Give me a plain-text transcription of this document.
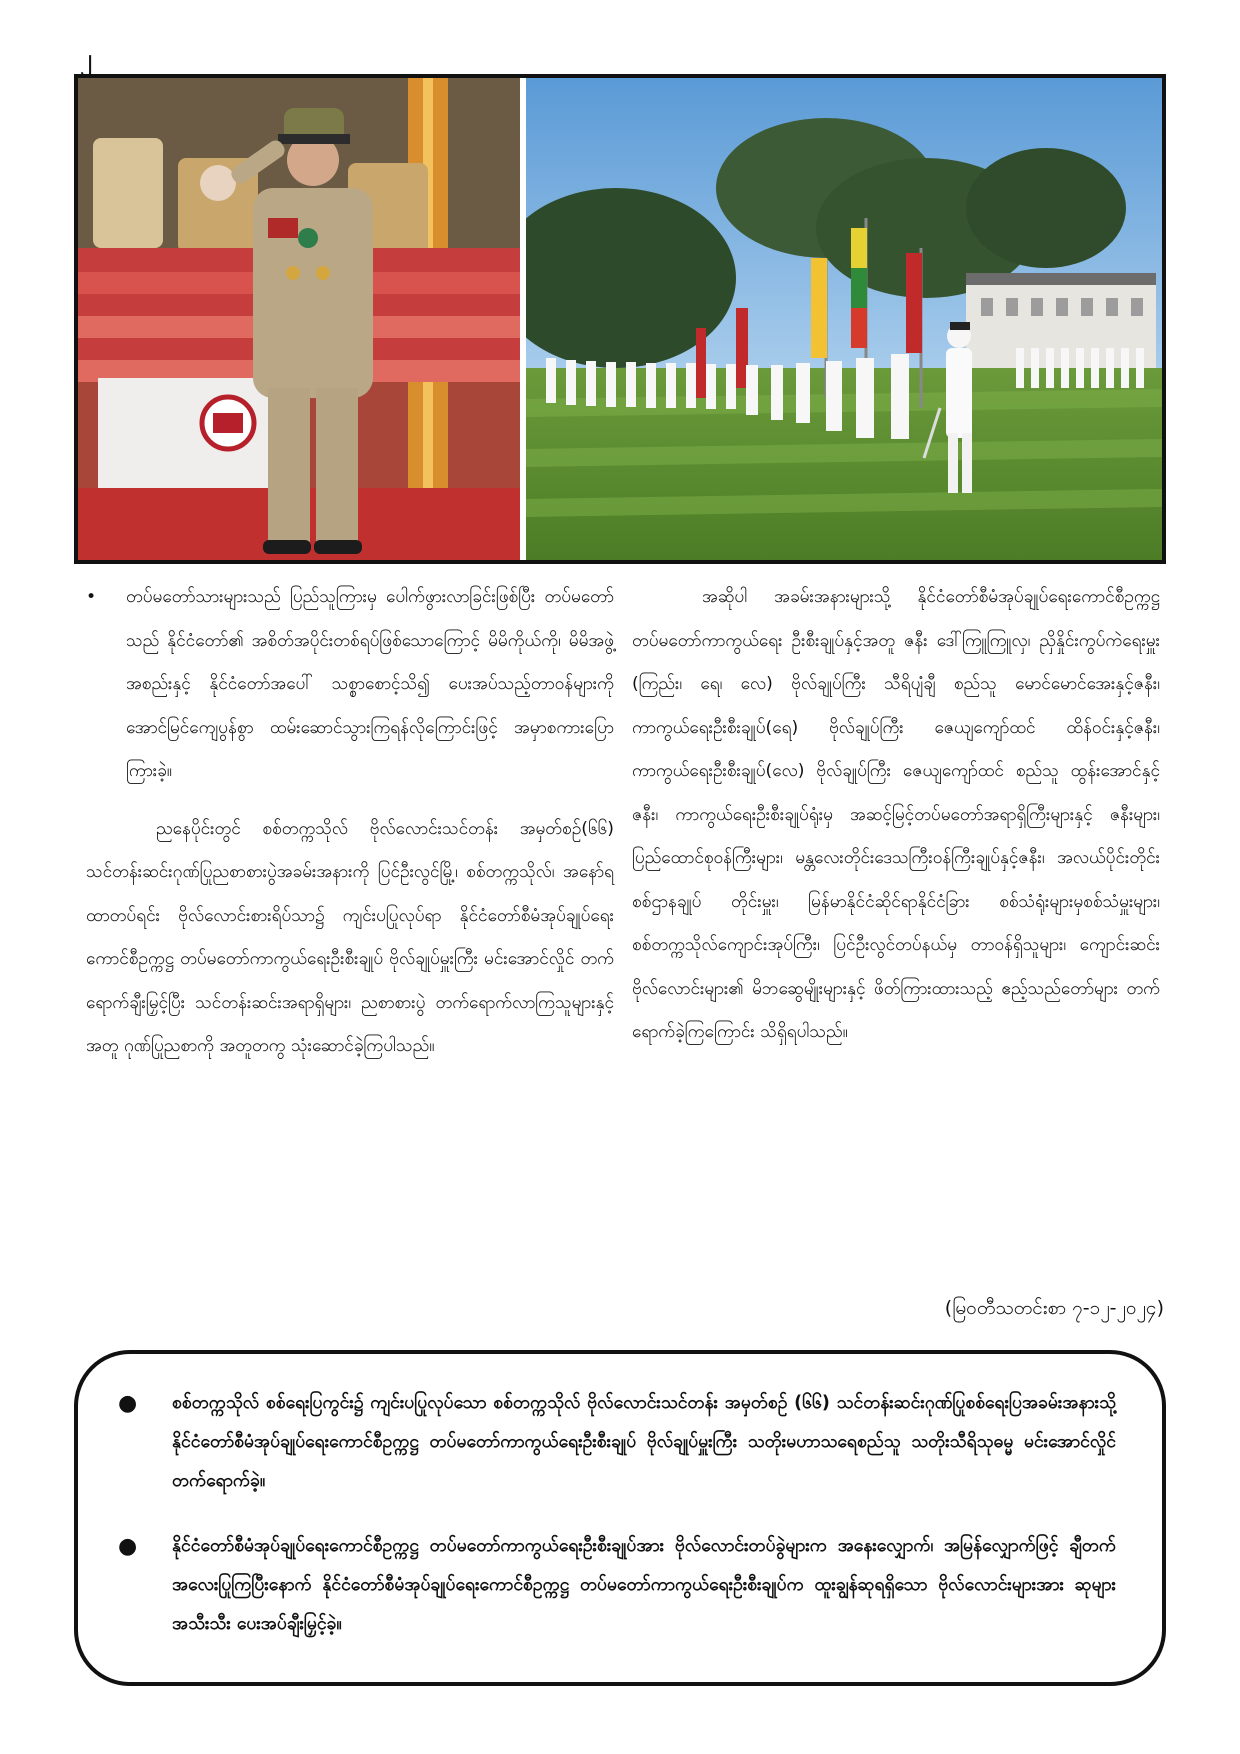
၂

• တပ်မတော်သားများသည် ပြည်သူကြားမှ ပေါက်ဖွားလာခြင်းဖြစ်ပြီး တပ်မတော်သည် နိုင်ငံတော်၏ အစိတ်အပိုင်းတစ်ရပ်ဖြစ်သောကြောင့် မိမိကိုယ်ကို၊ မိမိအဖွဲ့အစည်းနှင့် နိုင်ငံတော်အပေါ် သစ္စာစောင့်သိ၍ ပေးအပ်သည့်တာဝန်များကို အောင်မြင်ကျေပွန်စွာ ထမ်းဆောင်သွားကြရန်လိုကြောင်းဖြင့် အမှာစကားပြောကြားခဲ့။

ညနေပိုင်းတွင် စစ်တက္ကသိုလ် ဗိုလ်လောင်းသင်တန်း အမှတ်စဉ်(၆၆) သင်တန်းဆင်းဂုဏ်ပြုညစာစားပွဲအခမ်းအနားကို ပြင်ဦးလွင်မြို့၊ စစ်တက္ကသိုလ်၊ အနော်ရထာတပ်ရင်း ဗိုလ်လောင်းစားရိပ်သာ၌ ကျင်းပပြုလုပ်ရာ နိုင်ငံတော်စီမံအုပ်ချုပ်ရေးကောင်စီဥက္ကဋ္ဌ တပ်မတော်ကာကွယ်ရေးဦးစီးချုပ် ဗိုလ်ချုပ်မှူးကြီး မင်းအောင်လှိုင် တက်ရောက်ချီးမြှင့်ပြီး သင်တန်းဆင်းအရာရှိများ၊ ညစာစားပွဲ တက်ရောက်လာကြသူများနှင့် အတူ ဂုဏ်ပြုညစာကို အတူတကွ သုံးဆောင်ခဲ့ကြပါသည်။

အဆိုပါ အခမ်းအနားများသို့ နိုင်ငံတော်စီမံအုပ်ချုပ်ရေးကောင်စီဥက္ကဋ္ဌ တပ်မတော်ကာကွယ်ရေး ဦးစီးချုပ်နှင့်အတူ ဇနီး ဒေါ်ကြူကြူလှ၊ ညှိနှိုင်းကွပ်ကဲရေးမှူး (ကြည်း၊ ရေ၊ လေ) ဗိုလ်ချုပ်ကြီး သီရိပျံချီ စည်သူ မောင်မောင်အေးနှင့်ဇနီး၊ ကာကွယ်ရေးဦးစီးချုပ်(ရေ) ဗိုလ်ချုပ်ကြီး ဇေယျကျော်ထင် ထိန်ဝင်းနှင့်ဇနီး၊ ကာကွယ်ရေးဦးစီးချုပ်(လေ) ဗိုလ်ချုပ်ကြီး ဇေယျကျော်ထင် စည်သူ ထွန်းအောင်နှင့်ဇနီး၊ ကာကွယ်ရေးဦးစီးချုပ်ရုံးမှ အဆင့်မြင့်တပ်မတော်အရာရှိကြီးများနှင့် ဇနီးများ၊ ပြည်ထောင်စုဝန်ကြီးများ၊ မန္တလေးတိုင်းဒေသကြီးဝန်ကြီးချုပ်နှင့်ဇနီး၊ အလယ်ပိုင်းတိုင်းစစ်ဌာနချုပ် တိုင်းမှူး၊ မြန်မာနိုင်ငံဆိုင်ရာနိုင်ငံခြား စစ်သံရုံးများမှစစ်သံမှူးများ၊ စစ်တက္ကသိုလ်ကျောင်းအုပ်ကြီး၊ ပြင်ဦးလွင်တပ်နယ်မှ တာဝန်ရှိသူများ၊ ကျောင်းဆင်းဗိုလ်လောင်းများ၏ မိဘဆွေမျိုးများနှင့် ဖိတ်ကြားထားသည့် ဧည့်သည်တော်များ တက်ရောက်ခဲ့ကြကြောင်း သိရှိရပါသည်။

(မြဝတီသတင်းစာ ၇-၁၂-၂၀၂၄)
● စစ်တက္ကသိုလ် စစ်ရေးပြကွင်း၌ ကျင်းပပြုလုပ်သော စစ်တက္ကသိုလ် ဗိုလ်လောင်းသင်တန်း အမှတ်စဉ် (၆၆) သင်တန်းဆင်းဂုဏ်ပြုစစ်ရေးပြအခမ်းအနားသို့ နိုင်ငံတော်စီမံအုပ်ချုပ်ရေးကောင်စီဥက္ကဋ္ဌ တပ်မတော်ကာကွယ်ရေးဦးစီးချုပ် ဗိုလ်ချုပ်မှူးကြီး သတိုးမဟာသရေစည်သူ သတိုးသီရိသုဓမ္မ မင်းအောင်လှိုင် တက်ရောက်ခဲ့။
● နိုင်ငံတော်စီမံအုပ်ချုပ်ရေးကောင်စီဥက္ကဋ္ဌ တပ်မတော်ကာကွယ်ရေးဦးစီးချုပ်အား ဗိုလ်လောင်းတပ်ခွဲများက အနေးလျှောက်၊ အမြန်လျှောက်ဖြင့် ချီတက်အလေးပြုကြပြီးနောက် နိုင်ငံတော်စီမံအုပ်ချုပ်ရေးကောင်စီဥက္ကဋ္ဌ တပ်မတော်ကာကွယ်ရေးဦးစီးချုပ်က ထူးချွန်ဆုရရှိသော ဗိုလ်လောင်းများအား ဆုများ အသီးသီး ပေးအပ်ချီးမြှင့်ခဲ့။
